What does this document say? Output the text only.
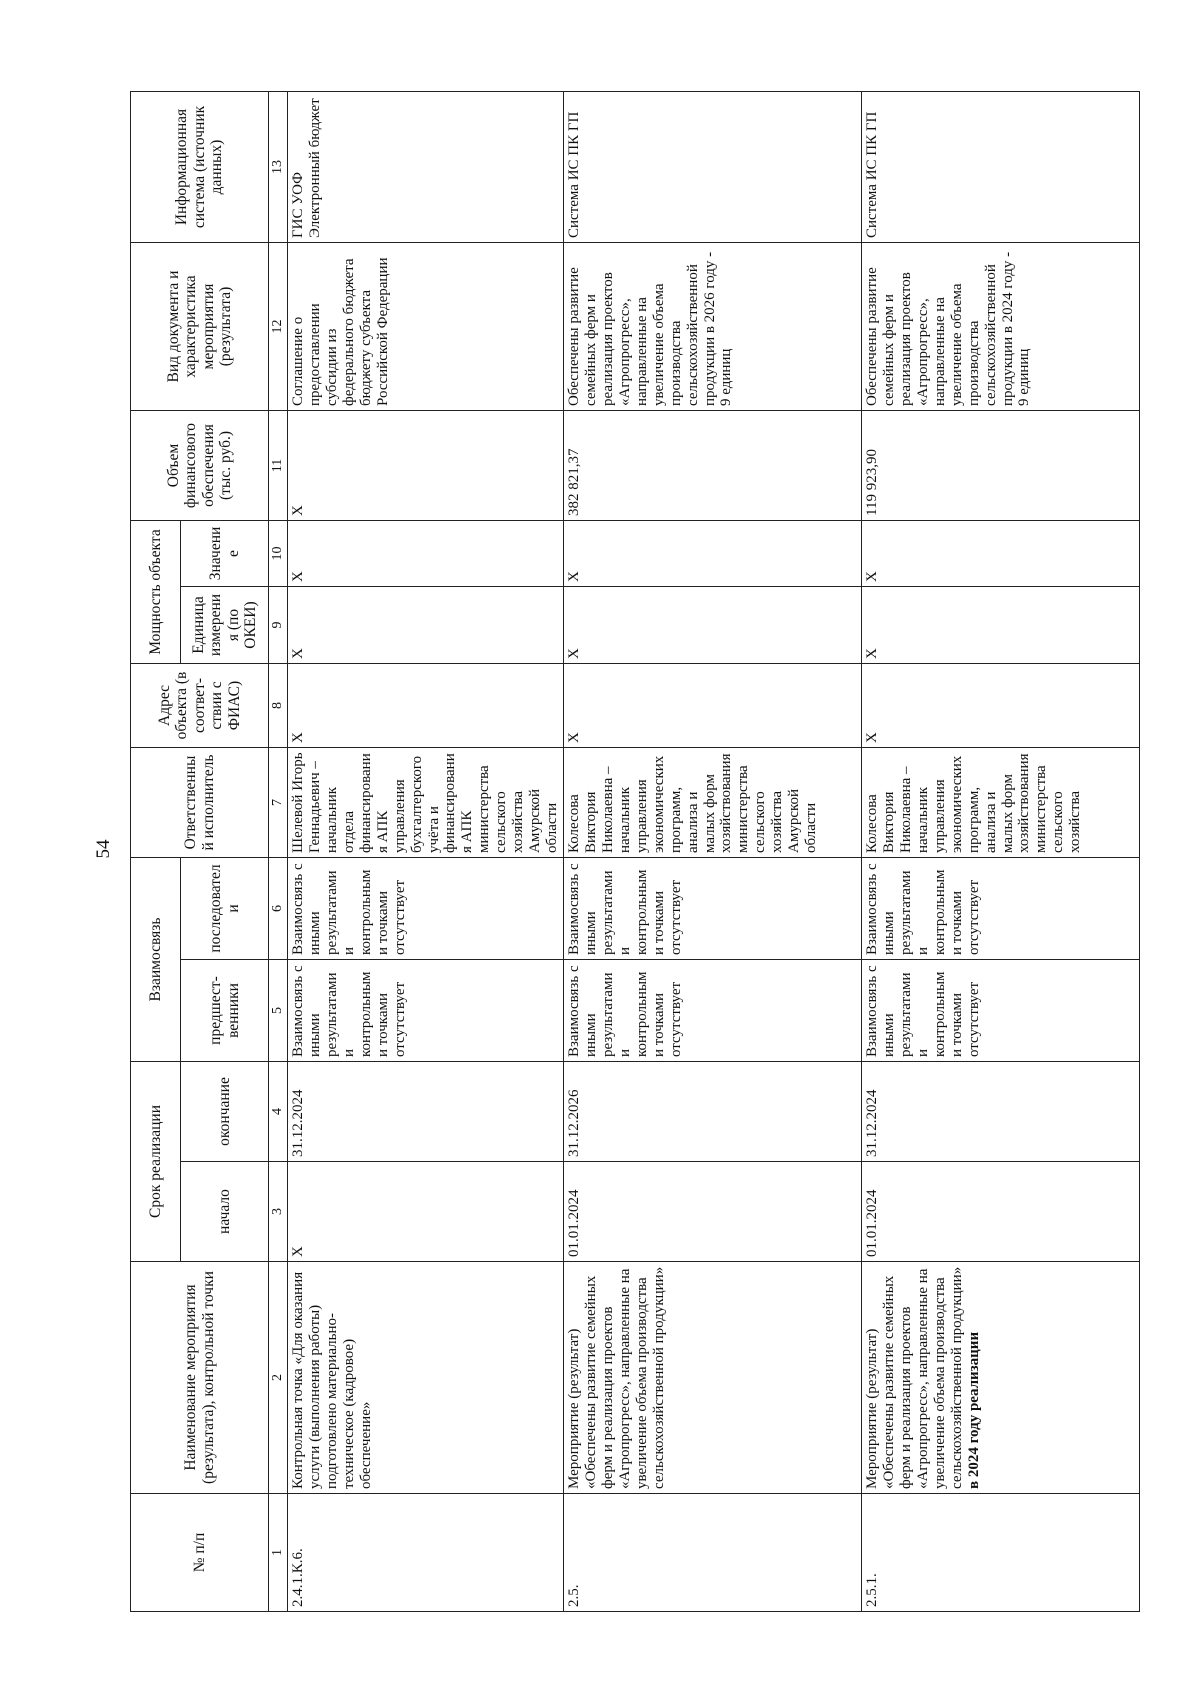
54
№ п/п	Наименование мероприятия (результата), контрольной точки	Срок реализации		Взаимосвязь		Ответственный исполнитель	Адрес объекта (в соответ- ствии с ФИАС)	Мощность объекта		Объем финансового обеспечения (тыс. руб.)	Вид документа и характеристика мероприятия (результата)	Информационная система (источник данных)
		начало	окончание	предшест- венники	последователи			Единица измерения (по ОКЕИ)	Значение			
1	2	3	4	5	6	7	8	9	10	11	12	13
2.4.1.К.6.	Контрольная точка «Для оказания услуги (выполнения работы) подготовлено материально-техническое (кадровое) обеспечение»	Х	31.12.2024	Взаимосвязь с иными результатами и контрольными точками отсутствует	Взаимосвязь с иными результатами и контрольными точками отсутствует	Шелевой Игорь Геннадьевич – начальник отдела финансирования АПК управления бухгалтерского учёта и финансирования АПК министерства сельского хозяйства Амурской области	Х	Х	Х	Х	Соглашение о предоставлении субсидии из федерального бюджета бюджету субъекта Российской Федерации	ГИС УОФ Электронный бюджет
2.5.	Мероприятие (результат) «Обеспечены развитие семейных ферм и реализация проектов «Агропрогресс», направленные на увеличение объема производства сельскохозяйственной продукции»	01.01.2024	31.12.2026	Взаимосвязь с иными результатами и контрольными точками отсутствует	Взаимосвязь с иными результатами и контрольными точками отсутствует	Колесова Виктория Николаевна – начальник управления экономических программ, анализа и малых форм хозяйствования министерства сельского хозяйства Амурской области	Х	Х	Х	382 821,37	Обеспечены развитие семейных ферм и реализация проектов «Агропрогресс», направленные на увеличение объема производства сельскохозяйственной продукции в 2026 году - 9 единиц	Система ИС ПК ГП
2.5.1.	Мероприятие (результат) «Обеспечены развитие семейных ферм и реализация проектов «Агропрогресс», направленные на увеличение объема производства сельскохозяйственной продукции» в 2024 году реализации	01.01.2024	31.12.2024	Взаимосвязь с иными результатами и контрольными точками отсутствует	Взаимосвязь с иными результатами и контрольными точками отсутствует	Колесова Виктория Николаевна – начальник управления экономических программ, анализа и малых форм хозяйствования министерства сельского хозяйства	Х	Х	Х	119 923,90	Обеспечены развитие семейных ферм и реализация проектов «Агропрогресс», направленные на увеличение объема производства сельскохозяйственной продукции в 2024 году - 9 единиц	Система ИС ПК ГП
